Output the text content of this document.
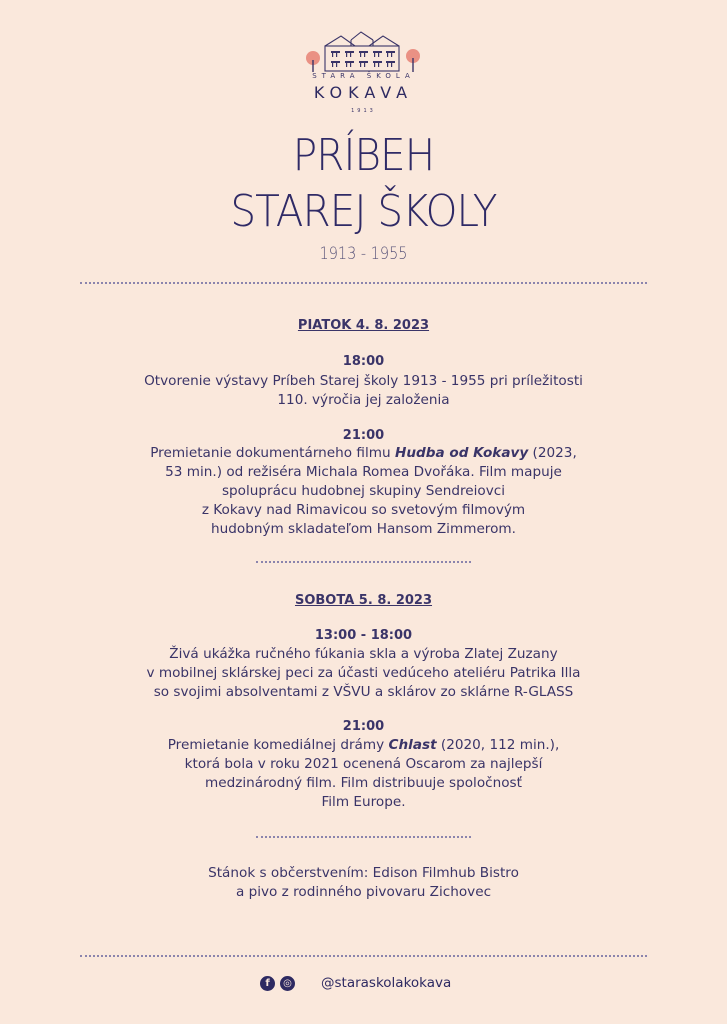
STARA ŠKOLA
KOKAVA
1913
PRÍBEH
STAREJ ŠKOLY
1913 - 1955
PIATOK 4. 8. 2023
18:00
Otvorenie výstavy Príbeh Starej školy 1913 - 1955 pri príležitosti
110. výročia jej založenia
21:00
Premietanie dokumentárneho filmu Hudba od Kokavy (2023,
53 min.) od režiséra Michala Romea Dvořáka. Film mapuje
spoluprácu hudobnej skupiny Sendreiovci
z Kokavy nad Rimavicou so svetovým filmovým
hudobným skladateľom Hansom Zimmerom.
SOBOTA 5. 8. 2023
13:00 - 18:00
Živá ukážka ručného fúkania skla a výroba Zlatej Zuzany
v mobilnej sklárskej peci za účasti vedúceho ateliéru Patrika Illa
so svojimi absolventami z VŠVU a sklárov zo sklárne R-GLASS
21:00
Premietanie komediálnej drámy Chlast (2020, 112 min.),
ktorá bola v roku 2021 ocenená Oscarom za najlepší
medzinárodný film. Film distribuuje spoločnosť
Film Europe.
Stánok s občerstvením: Edison Filmhub Bistro
a pivo z rodinného pivovaru Zichovec
f	◎ @staraskolakokava
